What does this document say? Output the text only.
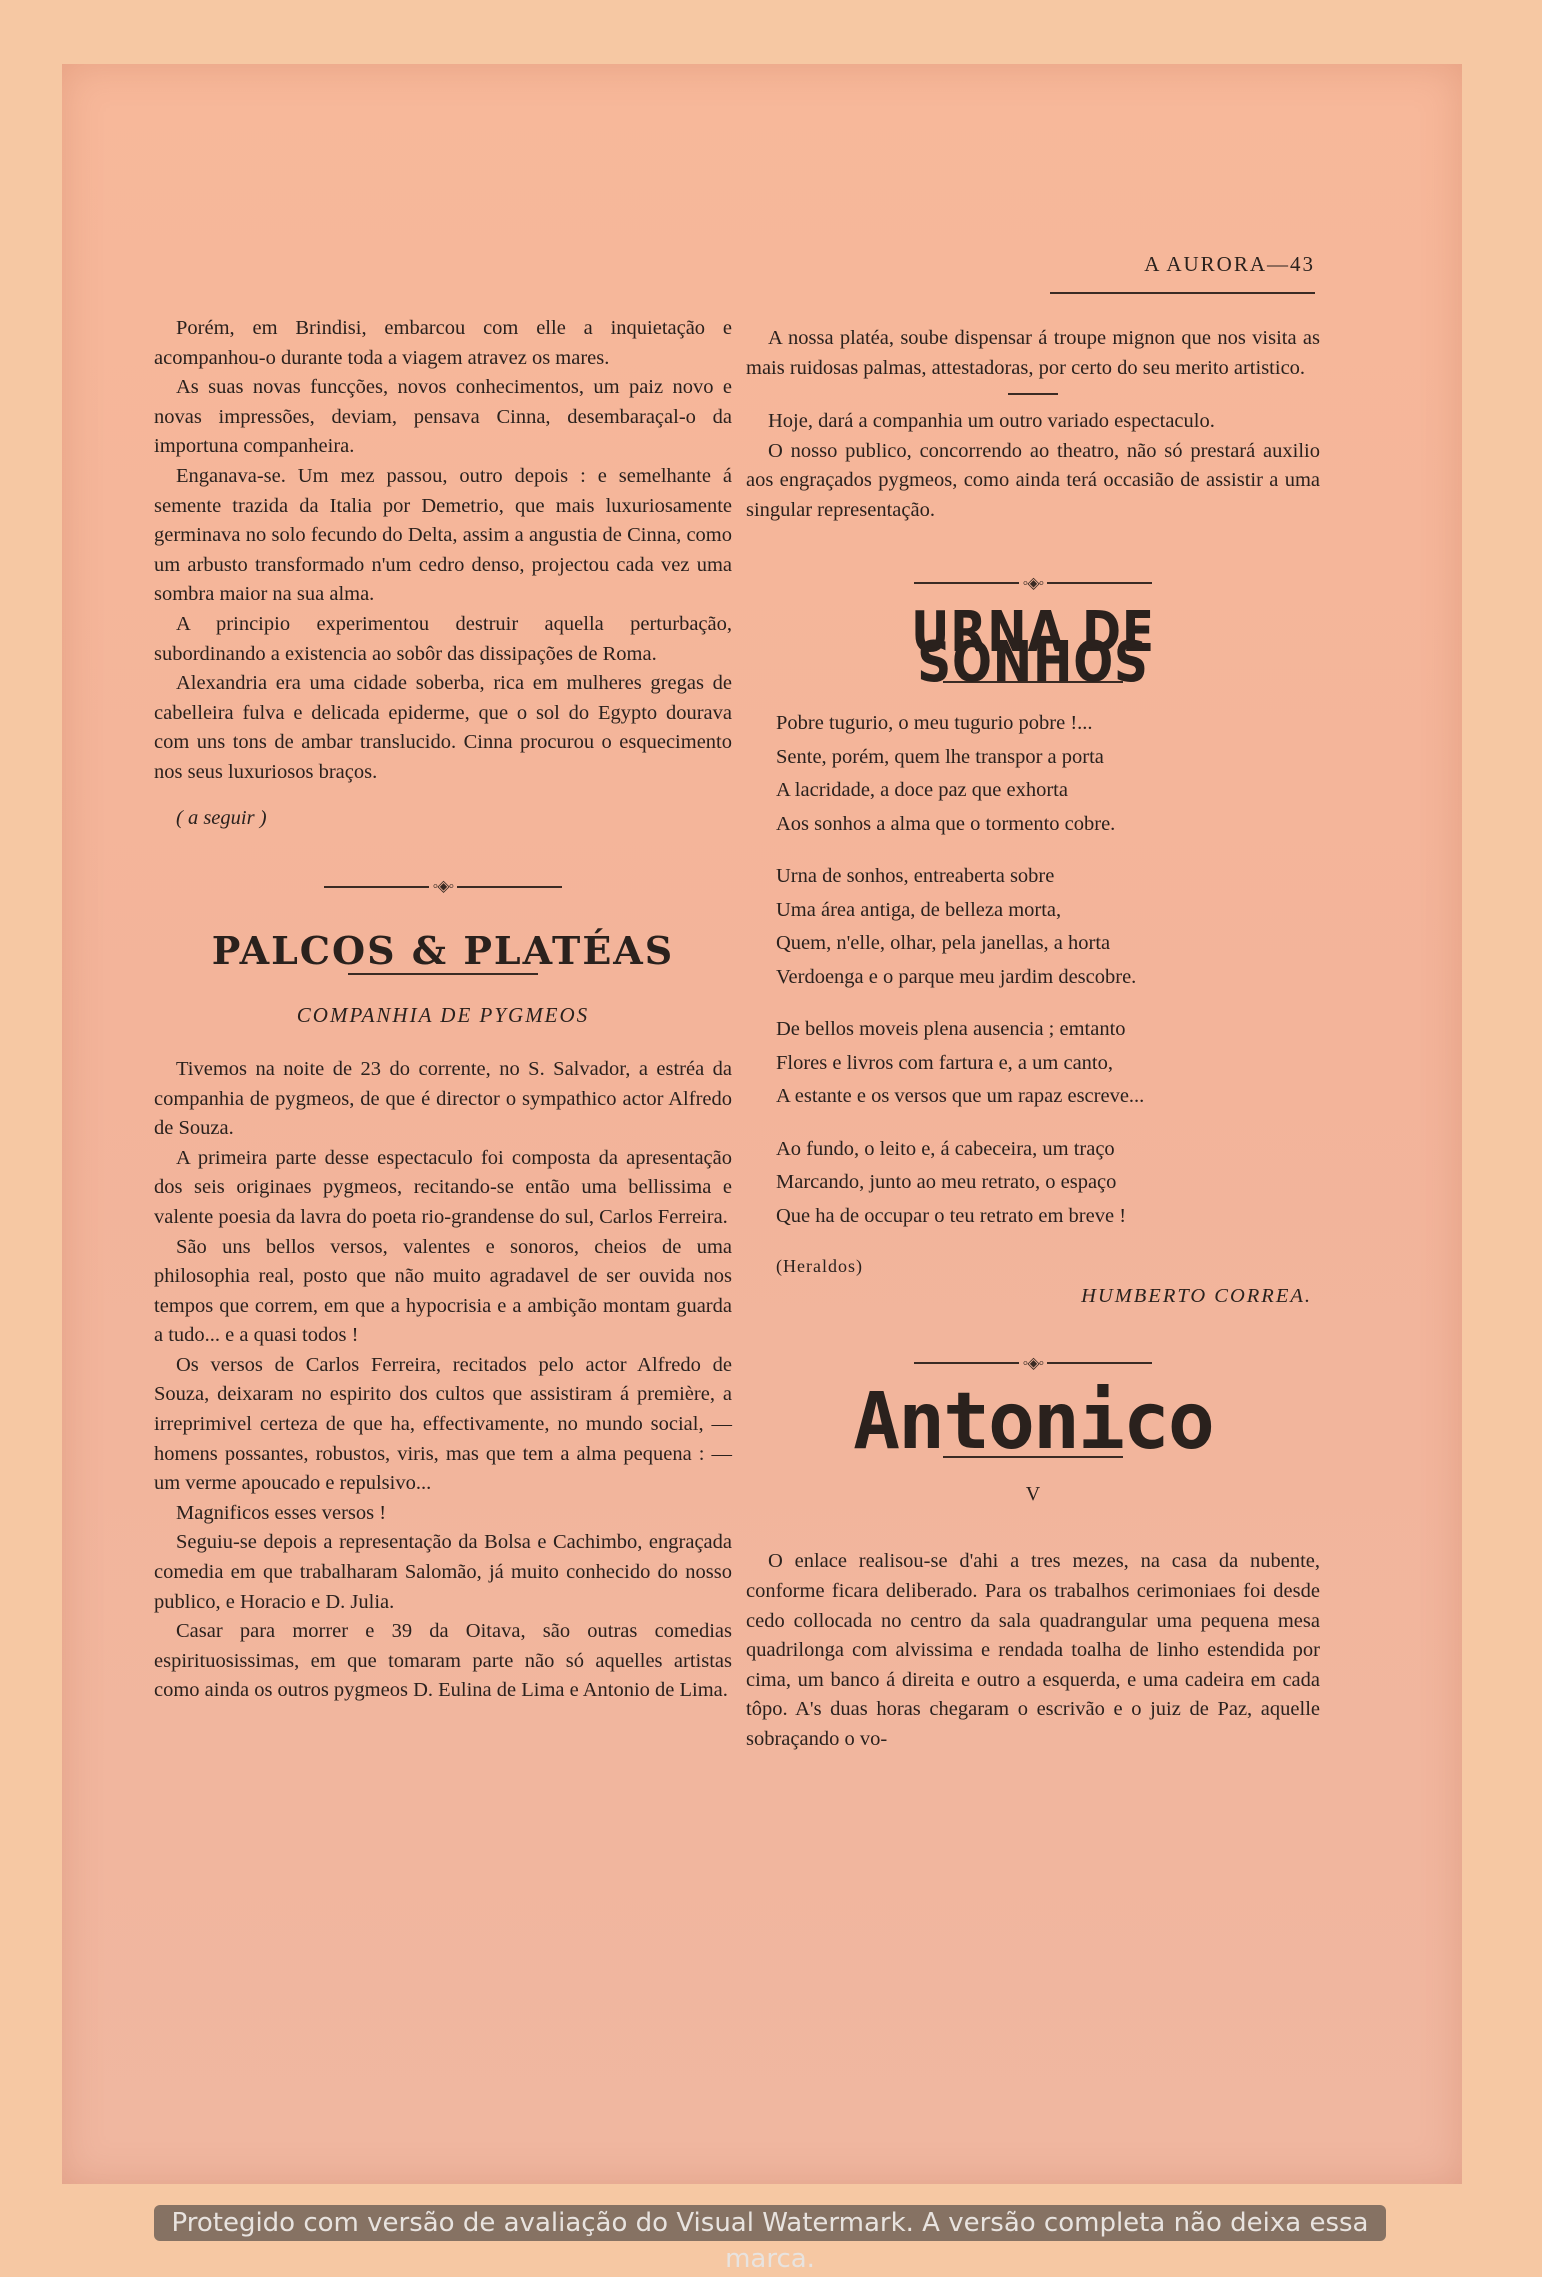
A AURORA—43

Porém, em Brindisi, embarcou com elle a inquietação e acompanhou-o durante toda a viagem atravez os mares.

As suas novas funcções, novos conhecimentos, um paiz novo e novas impressões, deviam, pensava Cinna, desembaraçal-o da importuna companheira.

Enganava-se. Um mez passou, outro depois : e semelhante á semente trazida da Italia por Demetrio, que mais luxuriosamente germinava no solo fecundo do Delta, assim a angustia de Cinna, como um arbusto transformado n'um cedro denso, projectou cada vez uma sombra maior na sua alma.

A principio experimentou destruir aquella perturbação, subordinando a existencia ao sobôr das dissipações de Roma.

Alexandria era uma cidade soberba, rica em mulheres gregas de cabelleira fulva e delicada epiderme, que o sol do Egypto dourava com uns tons de ambar translucido. Cinna procurou o esquecimento nos seus luxuriosos braços.

( a seguir )

◦◈◦
PALCOS & PLATÉAS
COMPANHIA DE PYGMEOS

Tivemos na noite de 23 do corrente, no S. Salvador, a estréa da companhia de pygmeos, de que é director o sympathico actor Alfredo de Souza.

A primeira parte desse espectaculo foi composta da apresentação dos seis originaes pygmeos, recitando-se então uma bellissima e valente poesia da lavra do poeta rio-grandense do sul, Carlos Ferreira.

São uns bellos versos, valentes e sonoros, cheios de uma philosophia real, posto que não muito agradavel de ser ouvida nos tempos que correm, em que a hypocrisia e a ambição montam guarda a tudo... e a quasi todos !

Os versos de Carlos Ferreira, recitados pelo actor Alfredo de Souza, deixaram no espirito dos cultos que assistiram á première, a irreprimivel certeza de que ha, effectivamente, no mundo social, — homens possantes, robustos, viris, mas que tem a alma pequena : — um verme apoucado e repulsivo...

Magnificos esses versos !

Seguiu-se depois a representação da Bolsa e Cachimbo, engraçada comedia em que trabalharam Salomão, já muito conhecido do nosso publico, e Horacio e D. Julia.

Casar para morrer e 39 da Oitava, são outras comedias espirituosissimas, em que tomaram parte não só aquelles artistas como ainda os outros pygmeos D. Eulina de Lima e Antonio de Lima.

A nossa platéa, soube dispensar á troupe mignon que nos visita as mais ruidosas palmas, attestadoras, por certo do seu merito artistico.

Hoje, dará a companhia um outro variado espectaculo.

O nosso publico, concorrendo ao theatro, não só prestará auxilio aos engraçados pygmeos, como ainda terá occasião de assistir a uma singular representação.

◦◈◦
URNA DE SONHOS
Pobre tugurio, o meu tugurio pobre !...
Sente, porém, quem lhe transpor a porta
A lacridade, a doce paz que exhorta
Aos sonhos a alma que o tormento cobre.
Urna de sonhos, entreaberta sobre
Uma área antiga, de belleza morta,
Quem, n'elle, olhar, pela janellas, a horta
Verdoenga e o parque meu jardim descobre.
De bellos moveis plena ausencia ; emtanto
Flores e livros com fartura e, a um canto,
A estante e os versos que um rapaz escreve...
Ao fundo, o leito e, á cabeceira, um traço
Marcando, junto ao meu retrato, o espaço
Que ha de occupar o teu retrato em breve !
(Heraldos)
HUMBERTO CORREA.
◦◈◦
Antonico
V

O enlace realisou-se d'ahi a tres mezes, na casa da nubente, conforme ficara deliberado. Para os trabalhos cerimoniaes foi desde cedo collocada no centro da sala quadrangular uma pequena mesa quadrilonga com alvissima e rendada toalha de linho estendida por cima, um banco á direita e outro a esquerda, e uma cadeira em cada tôpo. A's duas horas chegaram o escrivão e o juiz de Paz, aquelle sobraçando o vo-

Protegido com versão de avaliação do Visual Watermark. A versão completa não deixa essa marca.
